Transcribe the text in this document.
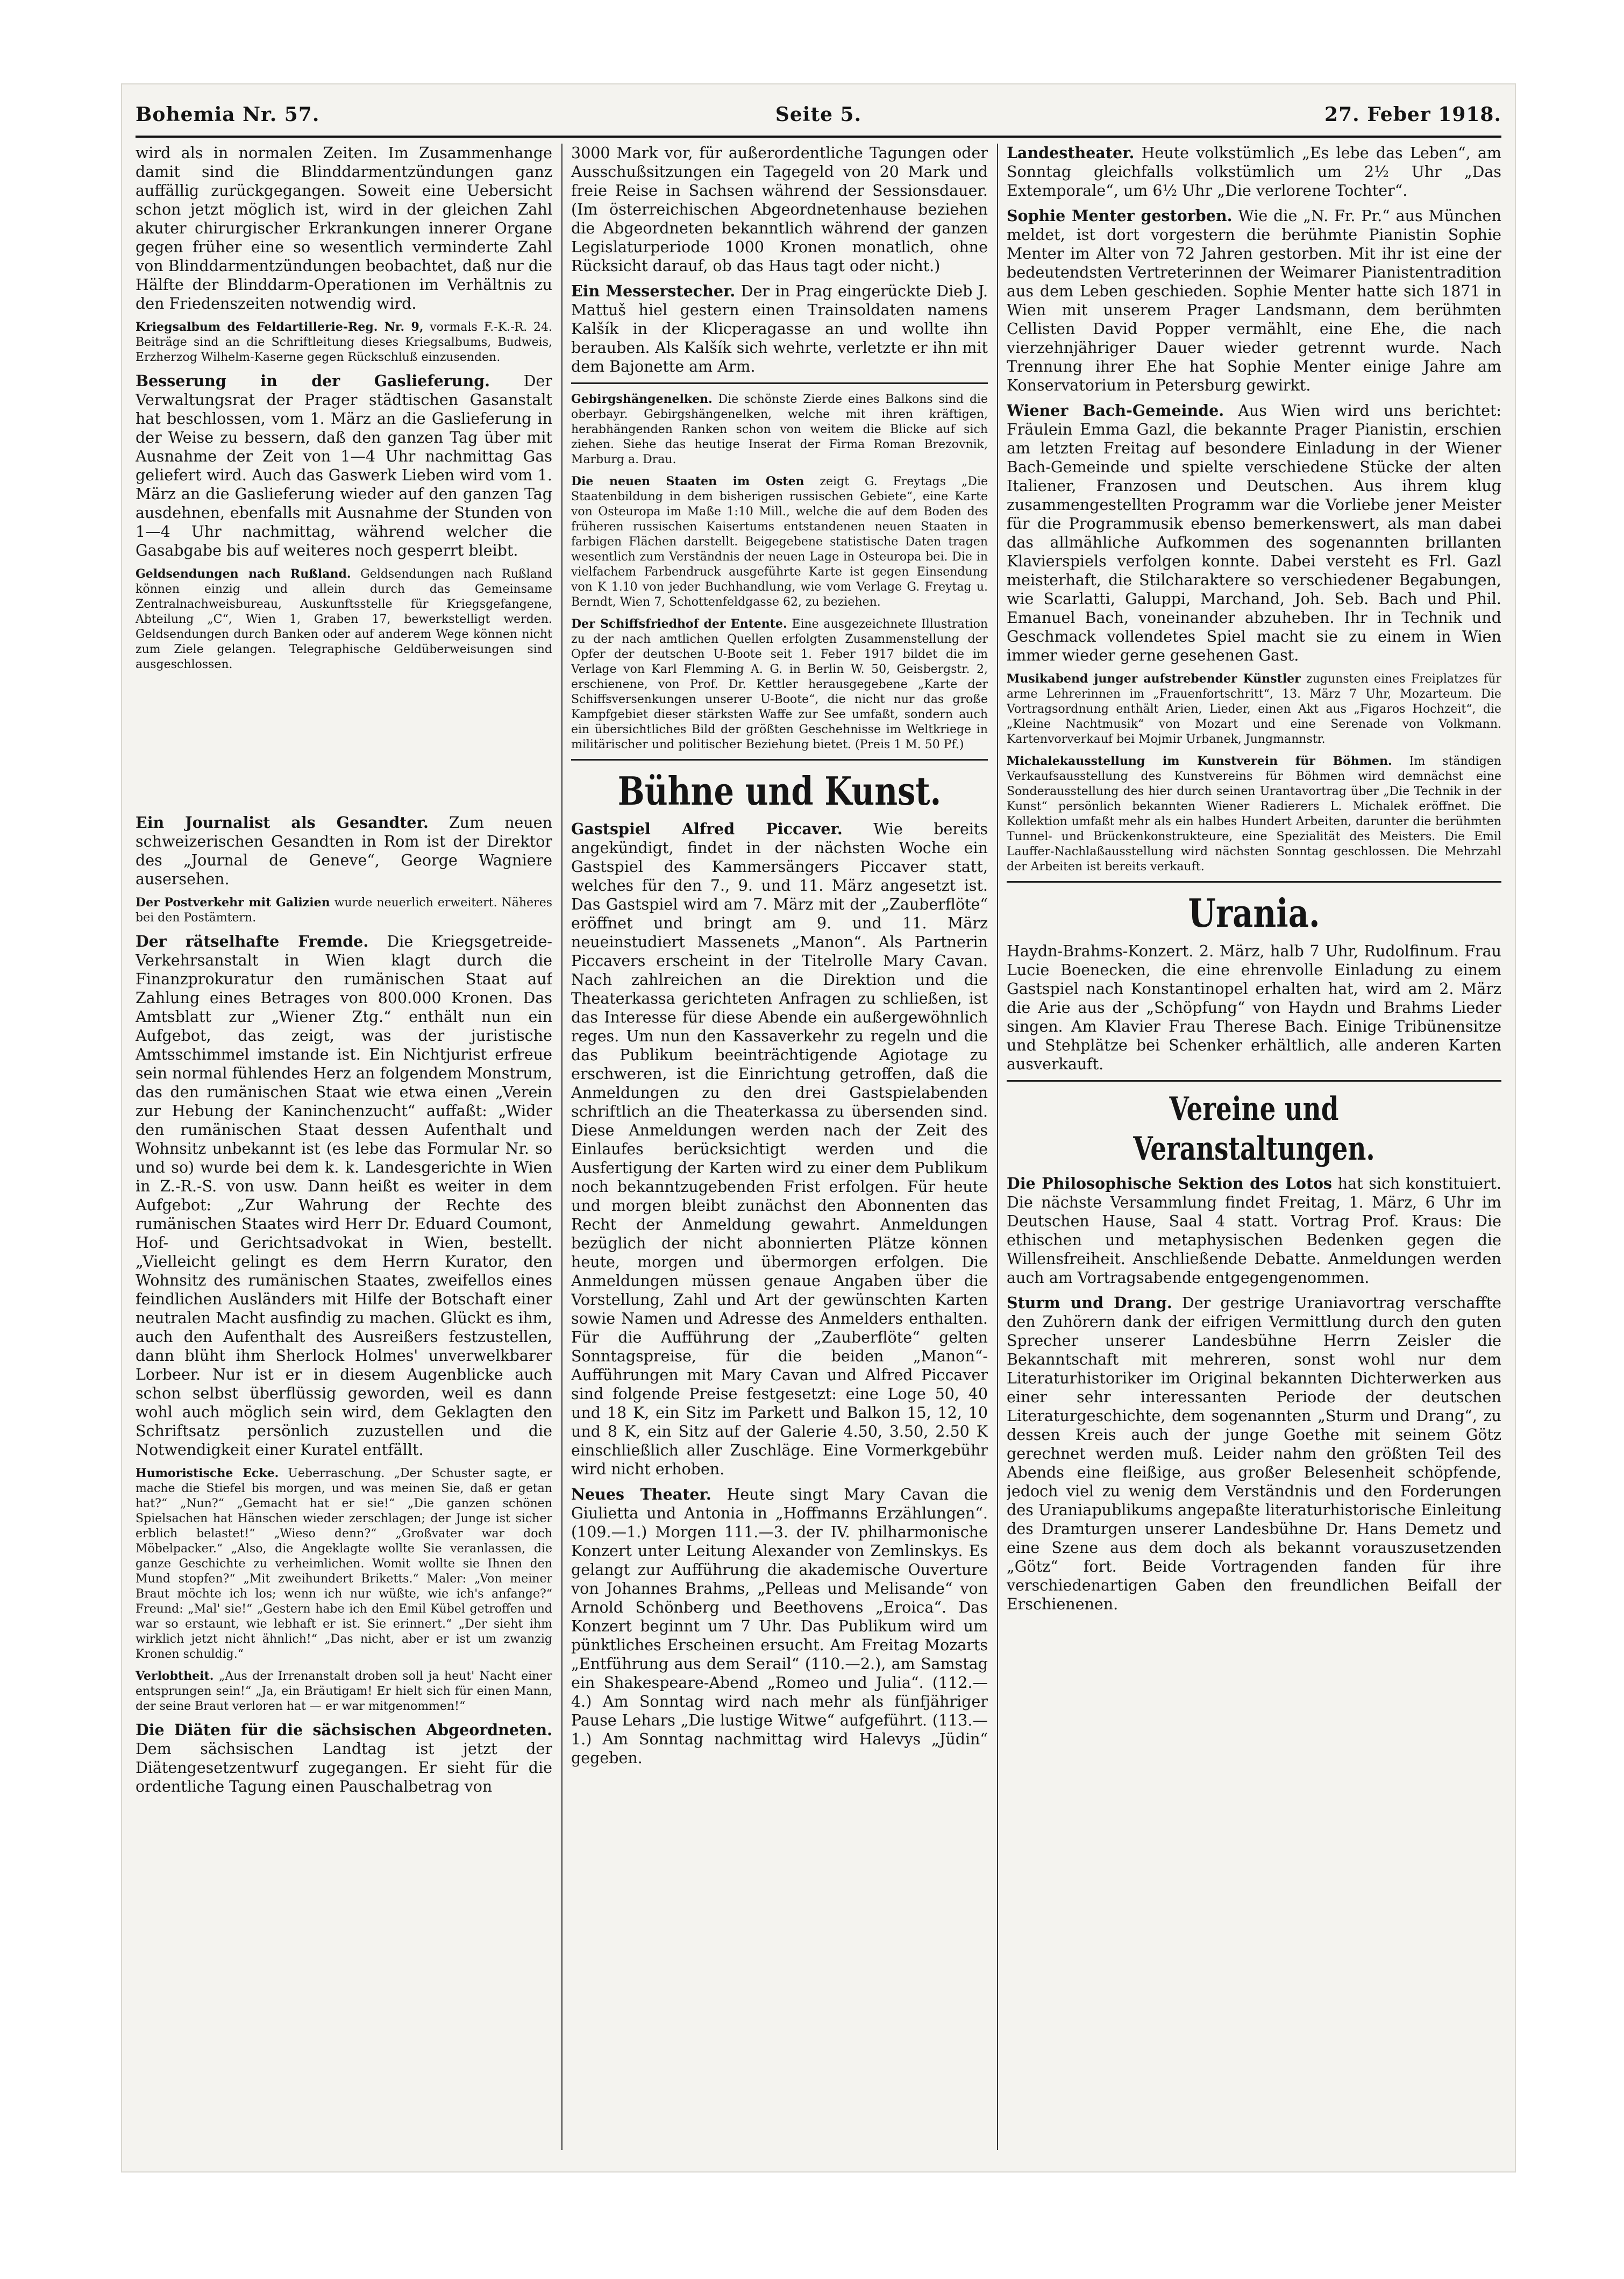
Bohemia Nr. 57.	Seite 5.	27. Feber 1918.

wird als in normalen Zeiten. Im Zusammenhange damit sind die Blinddarmentzündungen ganz auffällig zurückgegangen. Soweit eine Uebersicht schon jetzt möglich ist, wird in der gleichen Zahl akuter chirurgischer Erkrankungen innerer Organe gegen früher eine so wesentlich verminderte Zahl von Blinddarmentzündungen beobachtet, daß nur die Hälfte der Blinddarm-Operationen im Verhältnis zu den Friedenszeiten notwendig wird.

Kriegsalbum des Feldartillerie-Reg. Nr. 9, vormals F.-K.-R. 24. Beiträge sind an die Schriftleitung dieses Kriegsalbums, Budweis, Erzherzog Wilhelm-Kaserne gegen Rückschluß einzusenden.

Besserung in der Gaslieferung. Der Verwaltungsrat der Prager städtischen Gasanstalt hat beschlossen, vom 1. März an die Gaslieferung in der Weise zu bessern, daß den ganzen Tag über mit Ausnahme der Zeit von 1—4 Uhr nachmittag Gas geliefert wird. Auch das Gaswerk Lieben wird vom 1. März an die Gaslieferung wieder auf den ganzen Tag ausdehnen, ebenfalls mit Ausnahme der Stunden von 1—4 Uhr nachmittag, während welcher die Gasabgabe bis auf weiteres noch gesperrt bleibt.

Geldsendungen nach Rußland. Geldsendungen nach Rußland können einzig und allein durch das Gemeinsame Zentralnachweisbureau, Auskunftsstelle für Kriegsgefangene, Abteilung „C“, Wien 1, Graben 17, bewerkstelligt werden. Geldsendungen durch Banken oder auf anderem Wege können nicht zum Ziele gelangen. Telegraphische Geldüberweisungen sind ausgeschlossen.

Ein Journalist als Gesandter. Zum neuen schweizerischen Gesandten in Rom ist der Direktor des „Journal de Geneve“, George Wagniere ausersehen.

Der Postverkehr mit Galizien wurde neuerlich erweitert. Näheres bei den Postämtern.

Der rätselhafte Fremde. Die Kriegsgetreide-Verkehrsanstalt in Wien klagt durch die Finanzprokuratur den rumänischen Staat auf Zahlung eines Betrages von 800.000 Kronen. Das Amtsblatt zur „Wiener Ztg.“ enthält nun ein Aufgebot, das zeigt, was der juristische Amtsschimmel imstande ist. Ein Nichtjurist erfreue sein normal fühlendes Herz an folgendem Monstrum, das den rumänischen Staat wie etwa einen „Verein zur Hebung der Kaninchenzucht“ auffaßt: „Wider den rumänischen Staat dessen Aufenthalt und Wohnsitz unbekannt ist (es lebe das Formular Nr. so und so) wurde bei dem k. k. Landesgerichte in Wien in Z.-R.-S. von usw. Dann heißt es weiter in dem Aufgebot: „Zur Wahrung der Rechte des rumänischen Staates wird Herr Dr. Eduard Coumont, Hof- und Gerichtsadvokat in Wien, bestellt. „Vielleicht gelingt es dem Herrn Kurator, den Wohnsitz des rumänischen Staates, zweifellos eines feindlichen Ausländers mit Hilfe der Botschaft einer neutralen Macht ausfindig zu machen. Glückt es ihm, auch den Aufenthalt des Ausreißers festzustellen, dann blüht ihm Sherlock Holmes' unverwelkbarer Lorbeer. Nur ist er in diesem Augenblicke auch schon selbst überflüssig geworden, weil es dann wohl auch möglich sein wird, dem Geklagten den Schriftsatz persönlich zuzustellen und die Notwendigkeit einer Kuratel entfällt.

Humoristische Ecke. Ueberraschung. „Der Schuster sagte, er mache die Stiefel bis morgen, und was meinen Sie, daß er getan hat?“ „Nun?“ „Gemacht hat er sie!“ „Die ganzen schönen Spielsachen hat Hänschen wieder zerschlagen; der Junge ist sicher erblich belastet!“ „Wieso denn?“ „Großvater war doch Möbelpacker.“ „Also, die Angeklagte wollte Sie veranlassen, die ganze Geschichte zu verheimlichen. Womit wollte sie Ihnen den Mund stopfen?“ „Mit zweihundert Briketts.“ Maler: „Von meiner Braut möchte ich los; wenn ich nur wüßte, wie ich's anfange?“ Freund: „Mal' sie!“ „Gestern habe ich den Emil Kübel getroffen und war so erstaunt, wie lebhaft er ist. Sie erinnert.“ „Der sieht ihm wirklich jetzt nicht ähnlich!“ „Das nicht, aber er ist um zwanzig Kronen schuldig.“

Verlobtheit. „Aus der Irrenanstalt droben soll ja heut' Nacht einer entsprungen sein!“ „Ja, ein Bräutigam! Er hielt sich für einen Mann, der seine Braut verloren hat — er war mitgenommen!“

Die Diäten für die sächsischen Abgeordneten. Dem sächsischen Landtag ist jetzt der Diätengesetzentwurf zugegangen. Er sieht für die ordentliche Tagung einen Pauschalbetrag von

3000 Mark vor, für außerordentliche Tagungen oder Ausschußsitzungen ein Tagegeld von 20 Mark und freie Reise in Sachsen während der Sessionsdauer. (Im österreichischen Abgeordnetenhause beziehen die Abgeordneten bekanntlich während der ganzen Legislaturperiode 1000 Kronen monatlich, ohne Rücksicht darauf, ob das Haus tagt oder nicht.)

Ein Messerstecher. Der in Prag eingerückte Dieb J. Mattuš hiel gestern einen Trainsoldaten namens Kalšík in der Klicperagasse an und wollte ihn berauben. Als Kalšík sich wehrte, verletzte er ihn mit dem Bajonette am Arm.

Gebirgshängenelken. Die schönste Zierde eines Balkons sind die oberbayr. Gebirgshängenelken, welche mit ihren kräftigen, herabhängenden Ranken schon von weitem die Blicke auf sich ziehen. Siehe das heutige Inserat der Firma Roman Brezovnik, Marburg a. Drau.

Die neuen Staaten im Osten zeigt G. Freytags „Die Staatenbildung in dem bisherigen russischen Gebiete“, eine Karte von Osteuropa im Maße 1:10 Mill., welche die auf dem Boden des früheren russischen Kaisertums entstandenen neuen Staaten in farbigen Flächen darstellt. Beigegebene statistische Daten tragen wesentlich zum Verständnis der neuen Lage in Osteuropa bei. Die in vielfachem Farbendruck ausgeführte Karte ist gegen Einsendung von K 1.10 von jeder Buchhandlung, wie vom Verlage G. Freytag u. Berndt, Wien 7, Schottenfeldgasse 62, zu beziehen.

Der Schiffsfriedhof der Entente. Eine ausgezeichnete Illustration zu der nach amtlichen Quellen erfolgten Zusammenstellung der Opfer der deutschen U-Boote seit 1. Feber 1917 bildet die im Verlage von Karl Flemming A. G. in Berlin W. 50, Geisbergstr. 2, erschienene, von Prof. Dr. Kettler herausgegebene „Karte der Schiffsversenkungen unserer U-Boote“, die nicht nur das große Kampfgebiet dieser stärksten Waffe zur See umfaßt, sondern auch ein übersichtliches Bild der größten Geschehnisse im Weltkriege in militärischer und politischer Beziehung bietet. (Preis 1 M. 50 Pf.)

Bühne und Kunst.

Gastspiel Alfred Piccaver. Wie bereits angekündigt, findet in der nächsten Woche ein Gastspiel des Kammersängers Piccaver statt, welches für den 7., 9. und 11. März angesetzt ist. Das Gastspiel wird am 7. März mit der „Zauberflöte“ eröffnet und bringt am 9. und 11. März neueinstudiert Massenets „Manon“. Als Partnerin Piccavers erscheint in der Titelrolle Mary Cavan. Nach zahlreichen an die Direktion und die Theaterkassa gerichteten Anfragen zu schließen, ist das Interesse für diese Abende ein außergewöhnlich reges. Um nun den Kassaverkehr zu regeln und die das Publikum beeinträchtigende Agiotage zu erschweren, ist die Einrichtung getroffen, daß die Anmeldungen zu den drei Gastspielabenden schriftlich an die Theaterkassa zu übersenden sind. Diese Anmeldungen werden nach der Zeit des Einlaufes berücksichtigt werden und die Ausfertigung der Karten wird zu einer dem Publikum noch bekanntzugebenden Frist erfolgen. Für heute und morgen bleibt zunächst den Abonnenten das Recht der Anmeldung gewahrt. Anmeldungen bezüglich der nicht abonnierten Plätze können heute, morgen und übermorgen erfolgen. Die Anmeldungen müssen genaue Angaben über die Vorstellung, Zahl und Art der gewünschten Karten sowie Namen und Adresse des Anmelders enthalten. Für die Aufführung der „Zauberflöte“ gelten Sonntagspreise, für die beiden „Manon“-Aufführungen mit Mary Cavan und Alfred Piccaver sind folgende Preise festgesetzt: eine Loge 50, 40 und 18 K, ein Sitz im Parkett und Balkon 15, 12, 10 und 8 K, ein Sitz auf der Galerie 4.50, 3.50, 2.50 K einschließlich aller Zuschläge. Eine Vormerkgebühr wird nicht erhoben.

Neues Theater. Heute singt Mary Cavan die Giulietta und Antonia in „Hoffmanns Erzählungen“. (109.—1.) Morgen 111.—3. der IV. philharmonische Konzert unter Leitung Alexander von Zemlinskys. Es gelangt zur Aufführung die akademische Ouverture von Johannes Brahms, „Pelleas und Melisande“ von Arnold Schönberg und Beethovens „Eroica“. Das Konzert beginnt um 7 Uhr. Das Publikum wird um pünktliches Erscheinen ersucht. Am Freitag Mozarts „Entführung aus dem Serail“ (110.—2.), am Samstag ein Shakespeare-Abend „Romeo und Julia“. (112.—4.) Am Sonntag wird nach mehr als fünfjähriger Pause Lehars „Die lustige Witwe“ aufgeführt. (113.—1.) Am Sonntag nachmittag wird Halevys „Jüdin“ gegeben.

Landestheater. Heute volkstümlich „Es lebe das Leben“, am Sonntag gleichfalls volkstümlich um 2½ Uhr „Das Extemporale“, um 6½ Uhr „Die verlorene Tochter“.

Sophie Menter gestorben. Wie die „N. Fr. Pr.“ aus München meldet, ist dort vorgestern die berühmte Pianistin Sophie Menter im Alter von 72 Jahren gestorben. Mit ihr ist eine der bedeutendsten Vertreterinnen der Weimarer Pianistentradition aus dem Leben geschieden. Sophie Menter hatte sich 1871 in Wien mit unserem Prager Landsmann, dem berühmten Cellisten David Popper vermählt, eine Ehe, die nach vierzehnjähriger Dauer wieder getrennt wurde. Nach Trennung ihrer Ehe hat Sophie Menter einige Jahre am Konservatorium in Petersburg gewirkt.

Wiener Bach-Gemeinde. Aus Wien wird uns berichtet: Fräulein Emma Gazl, die bekannte Prager Pianistin, erschien am letzten Freitag auf besondere Einladung in der Wiener Bach-Gemeinde und spielte verschiedene Stücke der alten Italiener, Franzosen und Deutschen. Aus ihrem klug zusammengestellten Programm war die Vorliebe jener Meister für die Programmusik ebenso bemerkenswert, als man dabei das allmähliche Aufkommen des sogenannten brillanten Klavierspiels verfolgen konnte. Dabei versteht es Frl. Gazl meisterhaft, die Stilcharaktere so verschiedener Begabungen, wie Scarlatti, Galuppi, Marchand, Joh. Seb. Bach und Phil. Emanuel Bach, voneinander abzuheben. Ihr in Technik und Geschmack vollendetes Spiel macht sie zu einem in Wien immer wieder gerne gesehenen Gast.

Musikabend junger aufstrebender Künstler zugunsten eines Freiplatzes für arme Lehrerinnen im „Frauenfortschritt“, 13. März 7 Uhr, Mozarteum. Die Vortragsordnung enthält Arien, Lieder, einen Akt aus „Figaros Hochzeit“, die „Kleine Nachtmusik“ von Mozart und eine Serenade von Volkmann. Kartenvorverkauf bei Mojmir Urbanek, Jungmannstr.

Michalekausstellung im Kunstverein für Böhmen. Im ständigen Verkaufsausstellung des Kunstvereins für Böhmen wird demnächst eine Sonderausstellung des hier durch seinen Urantavortrag über „Die Technik in der Kunst“ persönlich bekannten Wiener Radierers L. Michalek eröffnet. Die Kollektion umfaßt mehr als ein halbes Hundert Arbeiten, darunter die berühmten Tunnel- und Brückenkonstrukteure, eine Spezialität des Meisters. Die Emil Lauffer-Nachlaßausstellung wird nächsten Sonntag geschlossen. Die Mehrzahl der Arbeiten ist bereits verkauft.

Urania.

Haydn-Brahms-Konzert. 2. März, halb 7 Uhr, Rudolfinum. Frau Lucie Boenecken, die eine ehrenvolle Einladung zu einem Gastspiel nach Konstantinopel erhalten hat, wird am 2. März die Arie aus der „Schöpfung“ von Haydn und Brahms Lieder singen. Am Klavier Frau Therese Bach. Einige Tribünensitze und Stehplätze bei Schenker erhältlich, alle anderen Karten ausverkauft.

Vereine und Veranstaltungen.

Die Philosophische Sektion des Lotos hat sich konstituiert. Die nächste Versammlung findet Freitag, 1. März, 6 Uhr im Deutschen Hause, Saal 4 statt. Vortrag Prof. Kraus: Die ethischen und metaphysischen Bedenken gegen die Willensfreiheit. Anschließende Debatte. Anmeldungen werden auch am Vortragsabende entgegengenommen.

Sturm und Drang. Der gestrige Uraniavortrag verschaffte den Zuhörern dank der eifrigen Vermittlung durch den guten Sprecher unserer Landesbühne Herrn Zeisler die Bekanntschaft mit mehreren, sonst wohl nur dem Literaturhistoriker im Original bekannten Dichterwerken aus einer sehr interessanten Periode der deutschen Literaturgeschichte, dem sogenannten „Sturm und Drang“, zu dessen Kreis auch der junge Goethe mit seinem Götz gerechnet werden muß. Leider nahm den größten Teil des Abends eine fleißige, aus großer Belesenheit schöpfende, jedoch viel zu wenig dem Verständnis und den Forderungen des Uraniapublikums angepaßte literaturhistorische Einleitung des Dramturgen unserer Landesbühne Dr. Hans Demetz und eine Szene aus dem doch als bekannt vorauszusetzenden „Götz“ fort. Beide Vortragenden fanden für ihre verschiedenartigen Gaben den freundlichen Beifall der Erschienenen.
